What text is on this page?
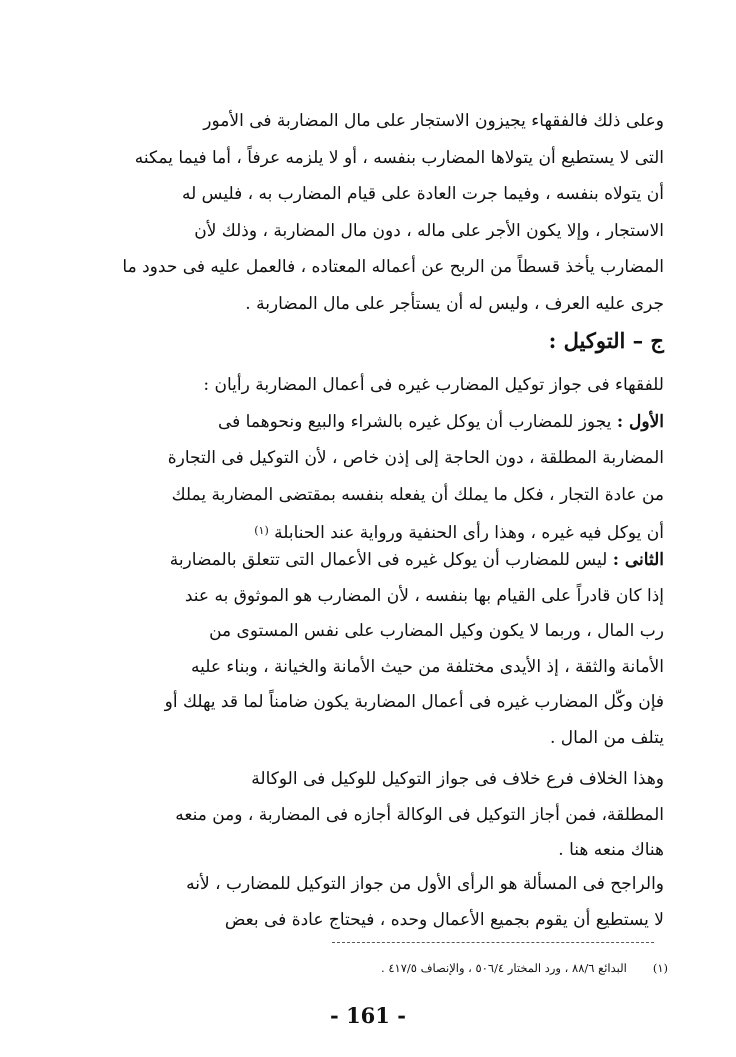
وعلى ذلك فالفقهاء يجيزون الاستجار على مال المضاربة فى الأمور
التى لا يستطيع أن يتولاها المضارب بنفسه ، أو لا يلزمه عرفاً ، أما فيما يمكنه
أن يتولاه بنفسه ، وفيما جرت العادة على قيام المضارب به ، فليس له
الاستجار ، وإلا يكون الأجر على ماله ، دون مال المضاربة ، وذلك لأن
المضارب يأخذ قسطاً من الربح عن أعماله المعتاده ، فالعمل عليه فى حدود ما
جرى عليه العرف ، وليس له أن يستأجر على مال المضاربة .
ج – التوكيل :
للفقهاء فى جواز توكيل المضارب غيره فى أعمال المضاربة رأيان :
الأول : يجوز للمضارب أن يوكل غيره بالشراء والبيع ونحوهما فى
المضاربة المطلقة ، دون الحاجة إلى إذن خاص ، لأن التوكيل فى التجارة
من عادة التجار ، فكل ما يملك أن يفعله بنفسه بمقتضى المضاربة يملك
أن يوكل فيه غيره ، وهذا رأى الحنفية ورواية عند الحنابلة $^{(١)}$
الثانى : ليس للمضارب أن يوكل غيره فى الأعمال التى تتعلق بالمضاربة
إذا كان قادراً على القيام بها بنفسه ، لأن المضارب هو الموثوق به عند
رب المال ، وربما لا يكون وكيل المضارب على نفس المستوى من
الأمانة والثقة ، إذ الأيدى مختلفة من حيث الأمانة والخيانة ، وبناء عليه
فإن وكّل المضارب غيره فى أعمال المضاربة يكون ضامناً لما قد يهلك أو
يتلف من المال .
وهذا الخلاف فرع خلاف فى جواز التوكيل للوكيل فى الوكالة
المطلقة، فمن أجاز التوكيل فى الوكالة أجازه فى المضاربة ، ومن منعه
هناك منعه هنا .
والراجح فى المسألة هو الرأى الأول من جواز التوكيل للمضارب ، لأنه
لا يستطيع أن يقوم بجميع الأعمال وحده ، فيحتاج عادة فى بعض
(١)البدائع ٨٨/٦ ، ورد المختار ٥٠٦/٤ ، والإنصاف ٤١٧/٥ .
- 161 -
